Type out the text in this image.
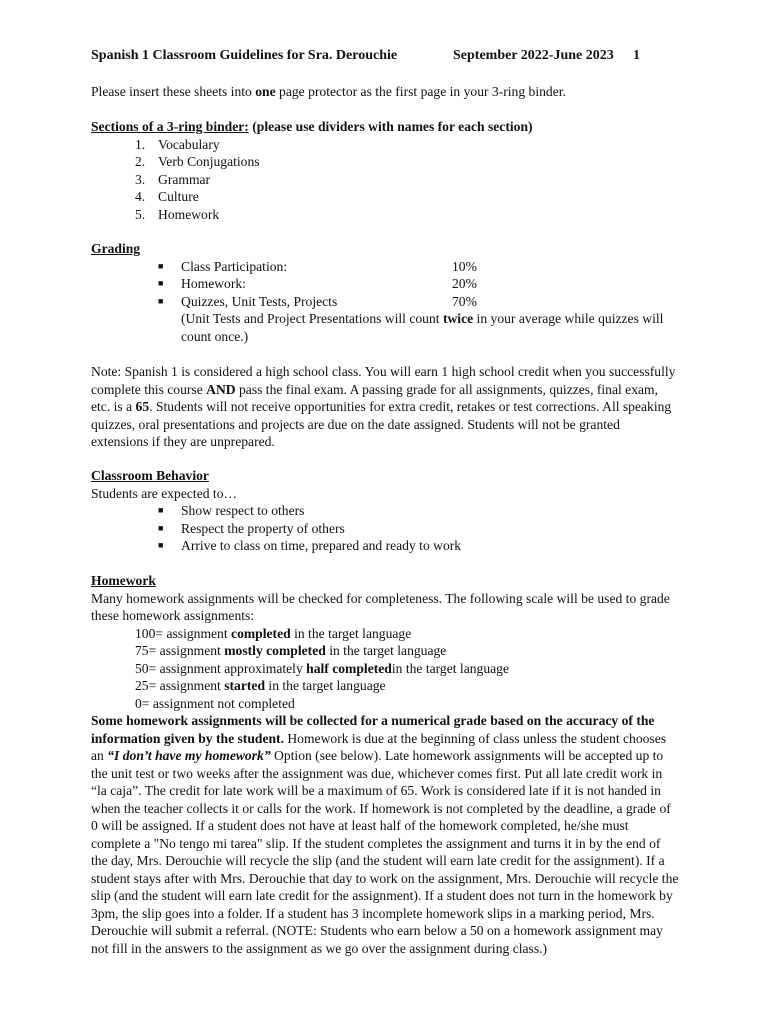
Spanish 1 Classroom Guidelines for Sra. Derouchie	September 2022-June 2023 1
Please insert these sheets into one page protector as the first page in your 3-ring binder.
Sections of a 3-ring binder: (please use dividers with names for each section)
1. Vocabulary
2. Verb Conjugations
3. Grammar
4. Culture
5. Homework
Grading
■ Class Participation:	10%
■ Homework:	20%
■ Quizzes, Unit Tests, Projects	70%
(Unit Tests and Project Presentations will count twice in your average while quizzes will count once.)
Note: Spanish 1 is considered a high school class. You will earn 1 high school credit when you successfully complete this course AND pass the final exam. A passing grade for all assignments, quizzes, final exam, etc. is a 65. Students will not receive opportunities for extra credit, retakes or test corrections. All speaking quizzes, oral presentations and projects are due on the date assigned. Students will not be granted extensions if they are unprepared.
Classroom Behavior
Students are expected to…
■ Show respect to others
■ Respect the property of others
■ Arrive to class on time, prepared and ready to work
Homework
Many homework assignments will be checked for completeness. The following scale will be used to grade these homework assignments:
100= assignment completed in the target language
75= assignment mostly completed in the target language
50= assignment approximately half completedin the target language
25= assignment started in the target language
0= assignment not completed

Some homework assignments will be collected for a numerical grade based on the accuracy of the information given by the student. Homework is due at the beginning of class unless the student chooses an “I don’t have my homework” Option (see below). Late homework assignments will be accepted up to the unit test or two weeks after the assignment was due, whichever comes first. Put all late credit work in “la caja”. The credit for late work will be a maximum of 65. Work is considered late if it is not handed in when the teacher collects it or calls for the work. If homework is not completed by the deadline, a grade of 0 will be assigned. If a student does not have at least half of the homework completed, he/she must complete a "No tengo mi tarea" slip. If the student completes the assignment and turns it in by the end of the day, Mrs. Derouchie will recycle the slip (and the student will earn late credit for the assignment). If a student stays after with Mrs. Derouchie that day to work on the assignment, Mrs. Derouchie will recycle the slip (and the student will earn late credit for the assignment). If a student does not turn in the homework by 3pm, the slip goes into a folder. If a student has 3 incomplete homework slips in a marking period, Mrs. Derouchie will submit a referral. (NOTE: Students who earn below a 50 on a homework assignment may not fill in the answers to the assignment as we go over the assignment during class.)
